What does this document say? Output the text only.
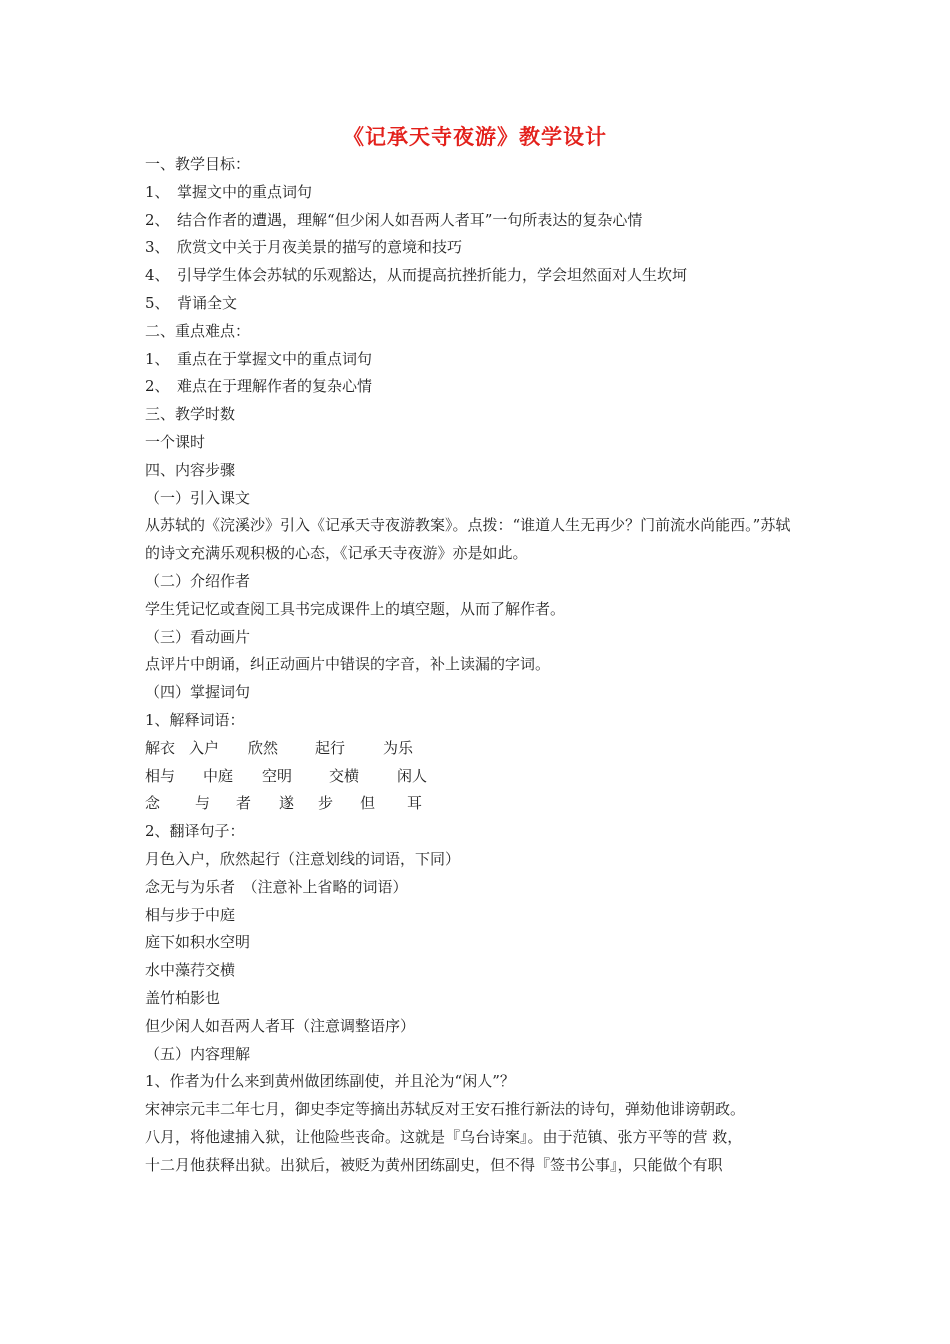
《记承天寺夜游》教学设计
一、教学目标：
1、　掌握文中的重点词句
2、　结合作者的遭遇，理解“但少闲人如吾两人者耳”一句所表达的复杂心情
3、　欣赏文中关于月夜美景的描写的意境和技巧
4、　引导学生体会苏轼的乐观豁达，从而提高抗挫折能力，学会坦然面对人生坎坷
5、　背诵全文
二、重点难点：
1、　重点在于掌握文中的重点词句
2、　难点在于理解作者的复杂心情
三、教学时数
一个课时
四、内容步骤
（一）引入课文
从苏轼的《浣溪沙》引入《记承天寺夜游教案》。点拨：“谁道人生无再少？门前流水尚能西。”苏轼
的诗文充满乐观积极的心态，《记承天寺夜游》亦是如此。
（二）介绍作者
学生凭记忆或查阅工具书完成课件上的填空题，从而了解作者。
（三）看动画片
点评片中朗诵，纠正动画片中错误的字音，补上读漏的字词。
（四）掌握词句
1、解释词语：
解衣 入户	欣然	起行	为乐
相与	中庭	空明	交横	闲人
念	与	者	遂	步	但	耳
2、翻译句子：
月色入户，欣然起行（注意划线的词语，下同）
念无与为乐者　（注意补上省略的词语）
相与步于中庭
庭下如积水空明
水中藻荇交横
盖竹柏影也
但少闲人如吾两人者耳（注意调整语序）
（五）内容理解
1、作者为什么来到黄州做团练副使，并且沦为“闲人”？
宋神宗元丰二年七月，御史李定等摘出苏轼反对王安石推行新法的诗句，弹劾他诽谤朝政。
八月，将他逮捕入狱，让他险些丧命。这就是『乌台诗案』。由于范镇、张方平等的营 救，
十二月他获释出狱。出狱后，被贬为黄州团练副史，但不得『签书公事』，只能做个有职
